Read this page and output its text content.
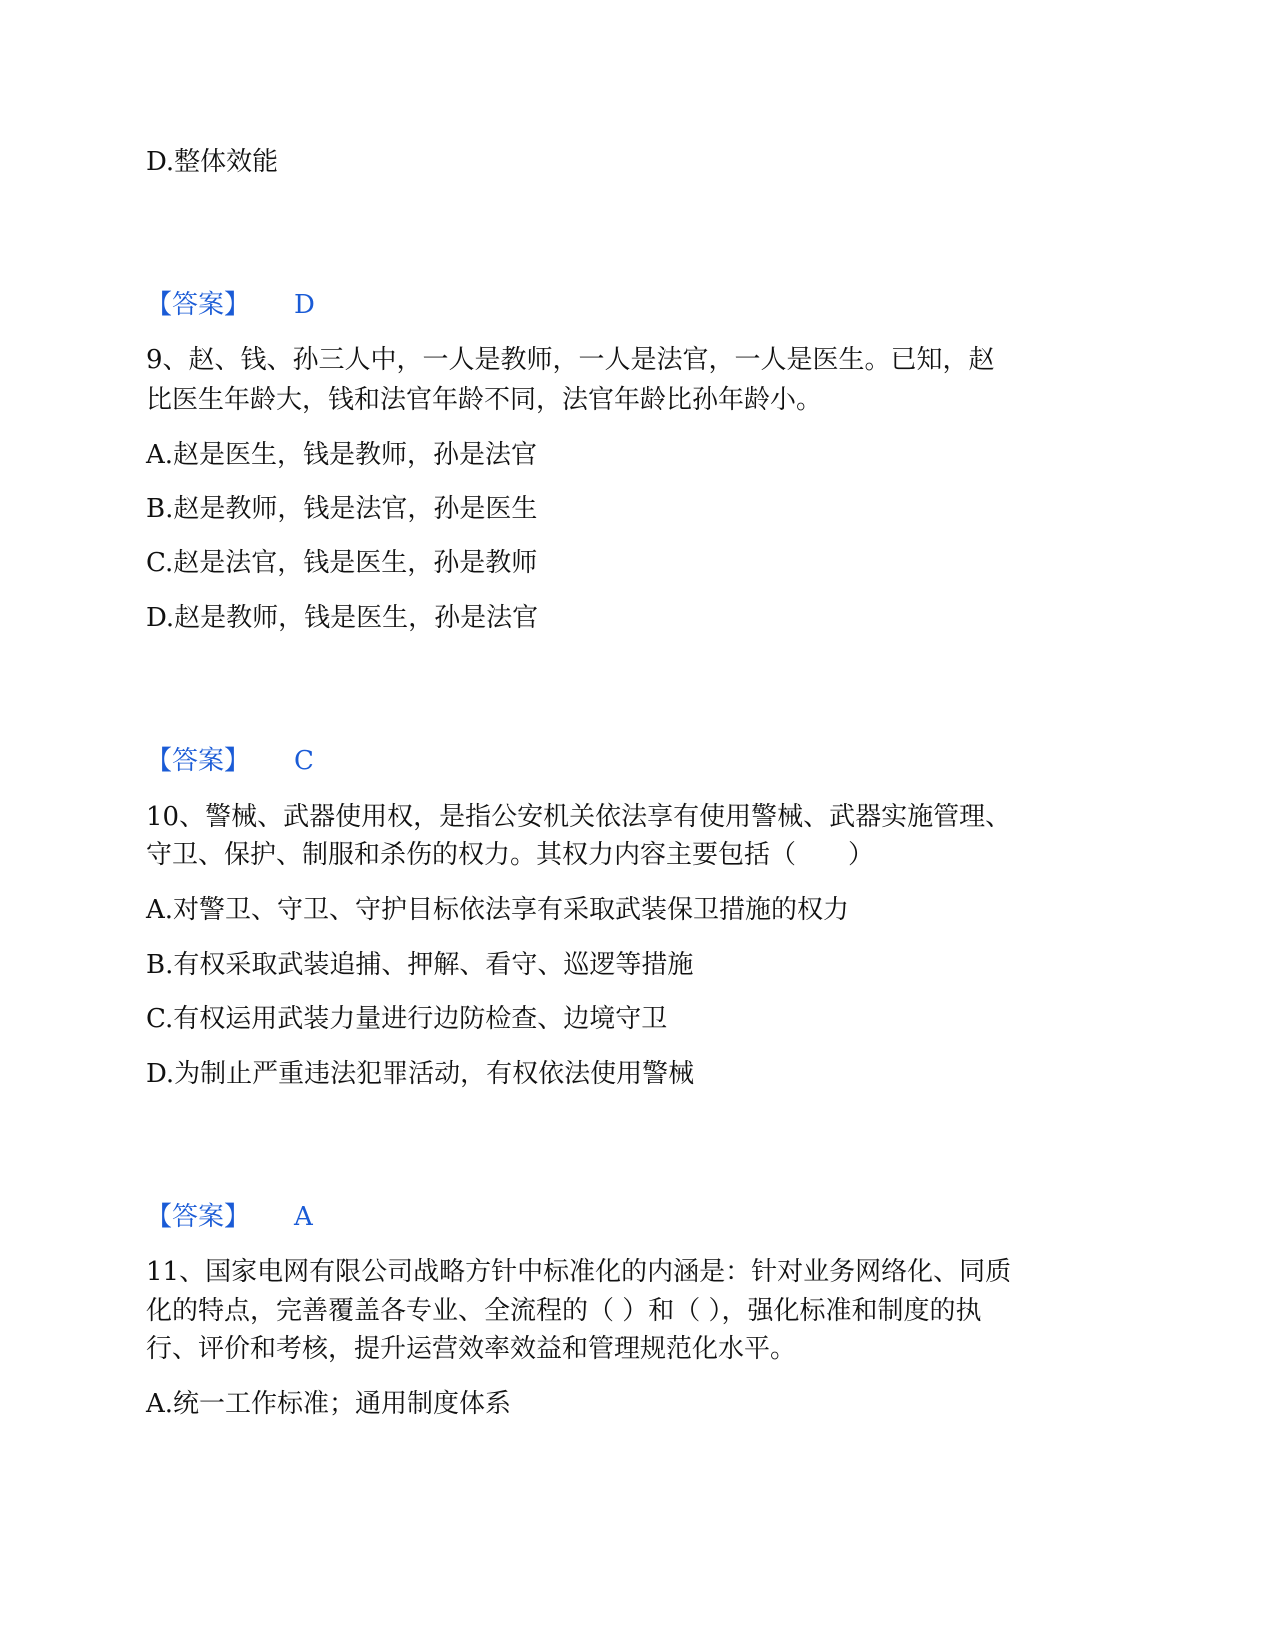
D.整体效能

【答案】 D

9、赵、钱、孙三人中，一人是教师，一人是法官，一人是医生。已知，赵

比医生年龄大，钱和法官年龄不同，法官年龄比孙年龄小。

A.赵是医生，钱是教师，孙是法官

B.赵是教师，钱是法官，孙是医生

C.赵是法官，钱是医生，孙是教师

D.赵是教师，钱是医生，孙是法官

【答案】 C

10、警械、武器使用权，是指公安机关依法享有使用警械、武器实施管理、

守卫、保护、制服和杀伤的权力。其权力内容主要包括（　　）

A.对警卫、守卫、守护目标依法享有采取武装保卫措施的权力

B.有权采取武装追捕、押解、看守、巡逻等措施

C.有权运用武装力量进行边防检查、边境守卫

D.为制止严重违法犯罪活动，有权依法使用警械

【答案】 A

11、国家电网有限公司战略方针中标准化的内涵是：针对业务网络化、同质

化的特点，完善覆盖各专业、全流程的（ ）和（ ），强化标准和制度的执

行、评价和考核，提升运营效率效益和管理规范化水平。

A.统一工作标准；通用制度体系
